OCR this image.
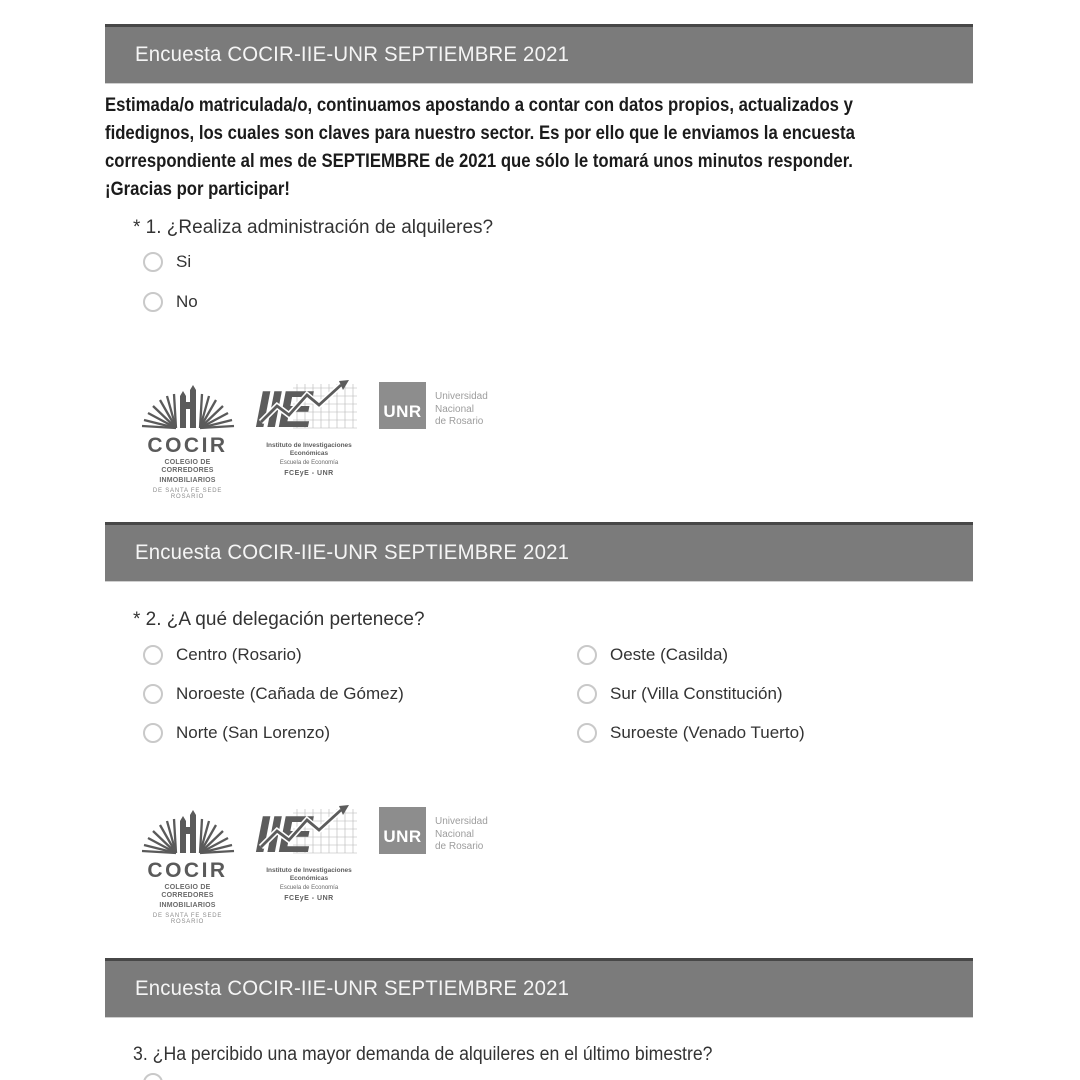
Encuesta COCIR-IIE-UNR SEPTIEMBRE 2021
Estimada/o matriculada/o, continuamos apostando a contar con datos propios, actualizados y
fidedignos, los cuales son claves para nuestro sector. Es por ello que le enviamos la encuesta
correspondiente al mes de SEPTIEMBRE de 2021 que sólo le tomará unos minutos responder.
¡Gracias por participar!
* 1. ¿Realiza administración de alquileres?
Si
No
COCIR
COLEGIO DE CORREDORES
INMOBILIARIOS
DE SANTA FE SEDE ROSARIO
IIE
Instituto de Investigaciones Económicas
Escuela de Economía
FCEyE - UNR
UNR
Universidad
Nacional
de Rosario
Encuesta COCIR-IIE-UNR SEPTIEMBRE 2021
* 2. ¿A qué delegación pertenece?
Centro (Rosario)
Noroeste (Cañada de Gómez)
Norte (San Lorenzo)
Oeste (Casilda)
Sur (Villa Constitución)
Suroeste (Venado Tuerto)
COCIR
COLEGIO DE CORREDORES
INMOBILIARIOS
DE SANTA FE SEDE ROSARIO
IIE
Instituto de Investigaciones Económicas
Escuela de Economía
FCEyE - UNR
UNR
Universidad
Nacional
de Rosario
Encuesta COCIR-IIE-UNR SEPTIEMBRE 2021
3. ¿Ha percibido una mayor demanda de alquileres en el último bimestre?
